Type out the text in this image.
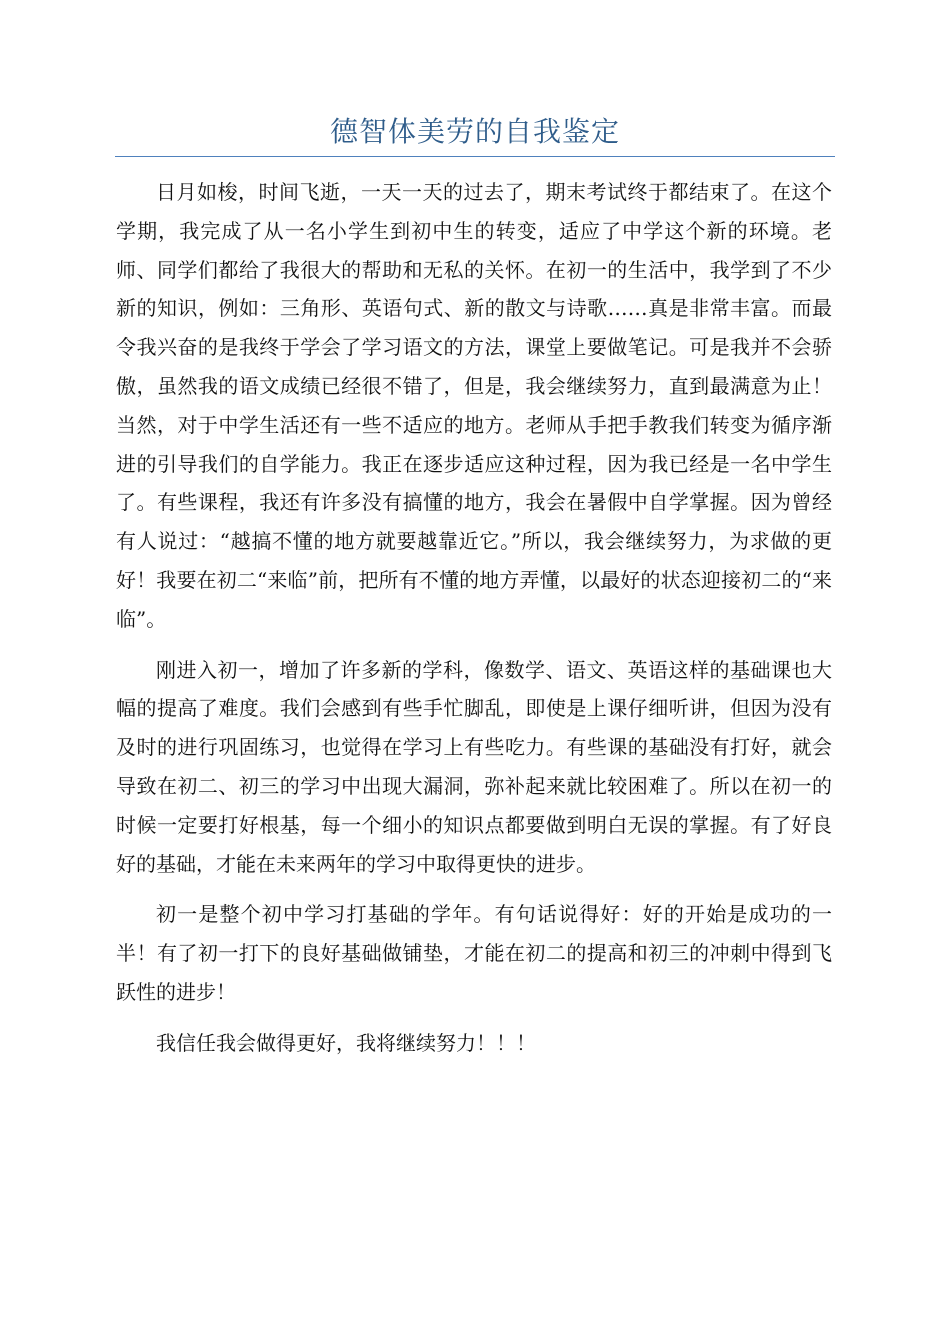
德智体美劳的自我鉴定

日月如梭，时间飞逝，一天一天的过去了，期末考试终于都结束了。在这个学期，我完成了从一名小学生到初中生的转变，适应了中学这个新的环境。老师、同学们都给了我很大的帮助和无私的关怀。在初一的生活中，我学到了不少新的知识，例如：三角形、英语句式、新的散文与诗歌……真是非常丰富。而最令我兴奋的是我终于学会了学习语文的方法，课堂上要做笔记。可是我并不会骄傲，虽然我的语文成绩已经很不错了，但是，我会继续努力，直到最满意为止！当然，对于中学生活还有一些不适应的地方。老师从手把手教我们转变为循序渐进的引导我们的自学能力。我正在逐步适应这种过程，因为我已经是一名中学生了。有些课程，我还有许多没有搞懂的地方，我会在暑假中自学掌握。因为曾经有人说过：“越搞不懂的地方就要越靠近它。”所以，我会继续努力，为求做的更好！我要在初二“来临”前，把所有不懂的地方弄懂，以最好的状态迎接初二的“来临”。

刚进入初一，增加了许多新的学科，像数学、语文、英语这样的基础课也大幅的提高了难度。我们会感到有些手忙脚乱，即使是上课仔细听讲，但因为没有及时的进行巩固练习，也觉得在学习上有些吃力。有些课的基础没有打好，就会导致在初二、初三的学习中出现大漏洞，弥补起来就比较困难了。所以在初一的时候一定要打好根基，每一个细小的知识点都要做到明白无误的掌握。有了好良好的基础，才能在未来两年的学习中取得更快的进步。

初一是整个初中学习打基础的学年。有句话说得好：好的开始是成功的一半！有了初一打下的良好基础做铺垫，才能在初二的提高和初三的冲刺中得到飞跃性的进步！

我信任我会做得更好，我将继续努力！！！
